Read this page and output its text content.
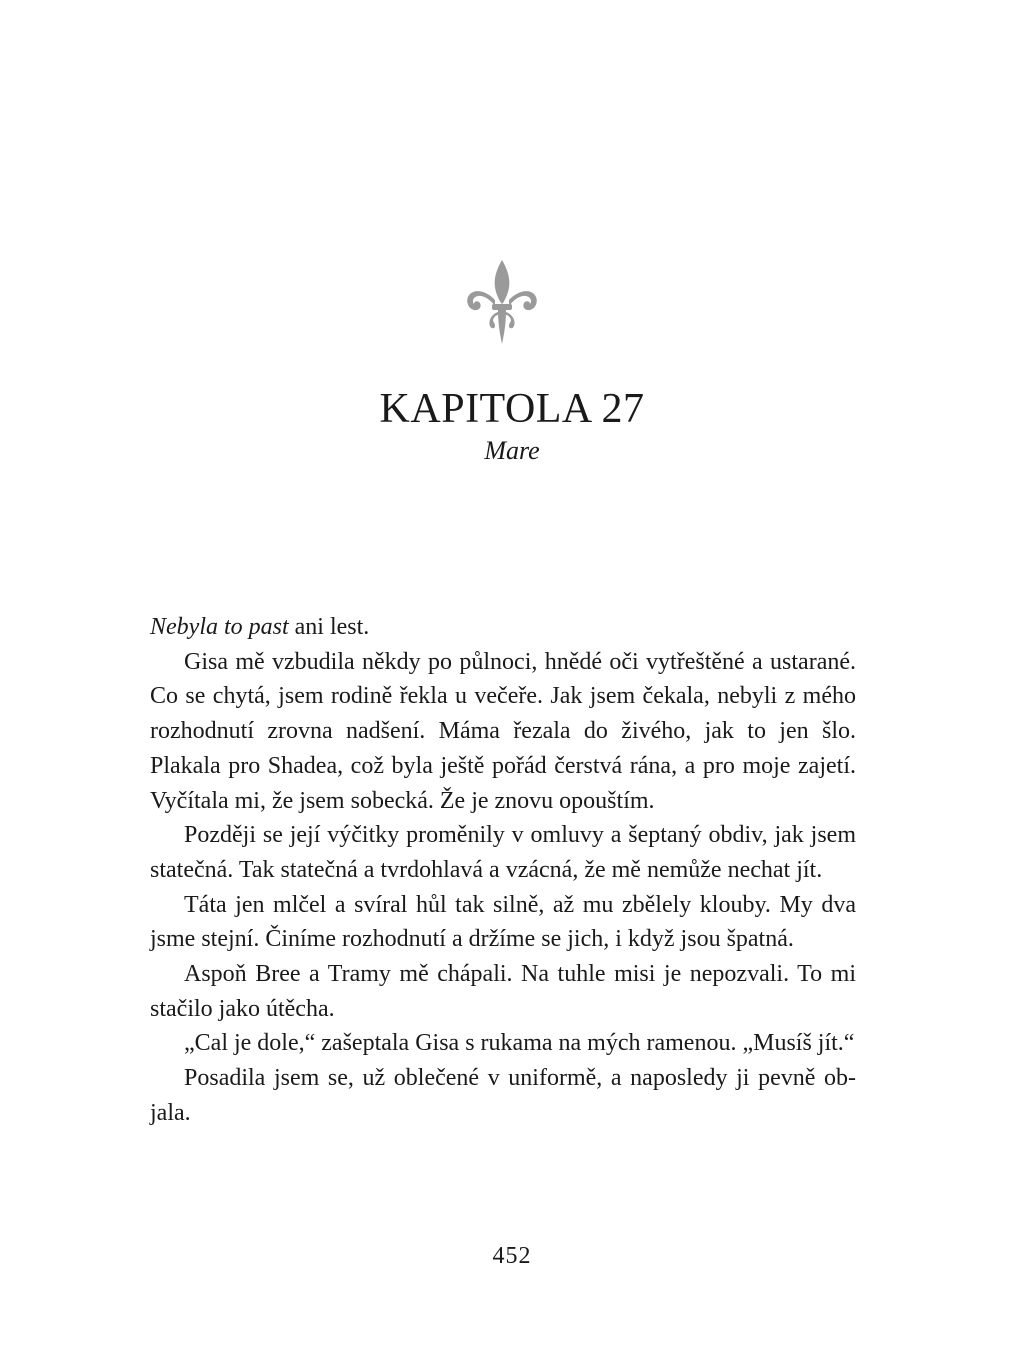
KAPITOLA 27
Mare

Nebyla to past ani lest.

Gisa mě vzbudila někdy po půlnoci, hnědé oči vytřeštěné a ustarané. Co se chytá, jsem rodině řekla u večeře. Jak jsem čekala, nebyli z mého rozhodnutí zrovna nadšení. Máma řezala do živého, jak to jen šlo. Plakala pro Shadea, což byla ještě pořád čerstvá rána, a pro moje zajetí. Vyčítala mi, že jsem sobecká. Že je znovu opouštím.

Později se její výčitky proměnily v omluvy a šeptaný obdiv, jak jsem statečná. Tak statečná a tvrdohlavá a vzácná, že mě nemůže nechat jít.

Táta jen mlčel a svíral hůl tak silně, až mu zbělely klouby. My dva jsme stejní. Činíme rozhodnutí a držíme se jich, i když jsou špatná.

Aspoň Bree a Tramy mě chápali. Na tuhle misi je nepozvali. To mi stačilo jako útěcha.

„Cal je dole,“ zašeptala Gisa s rukama na mých ramenou. „Musíš jít.“

Posadila jsem se, už oblečené v uniformě, a naposledy ji pevně objala.

452
